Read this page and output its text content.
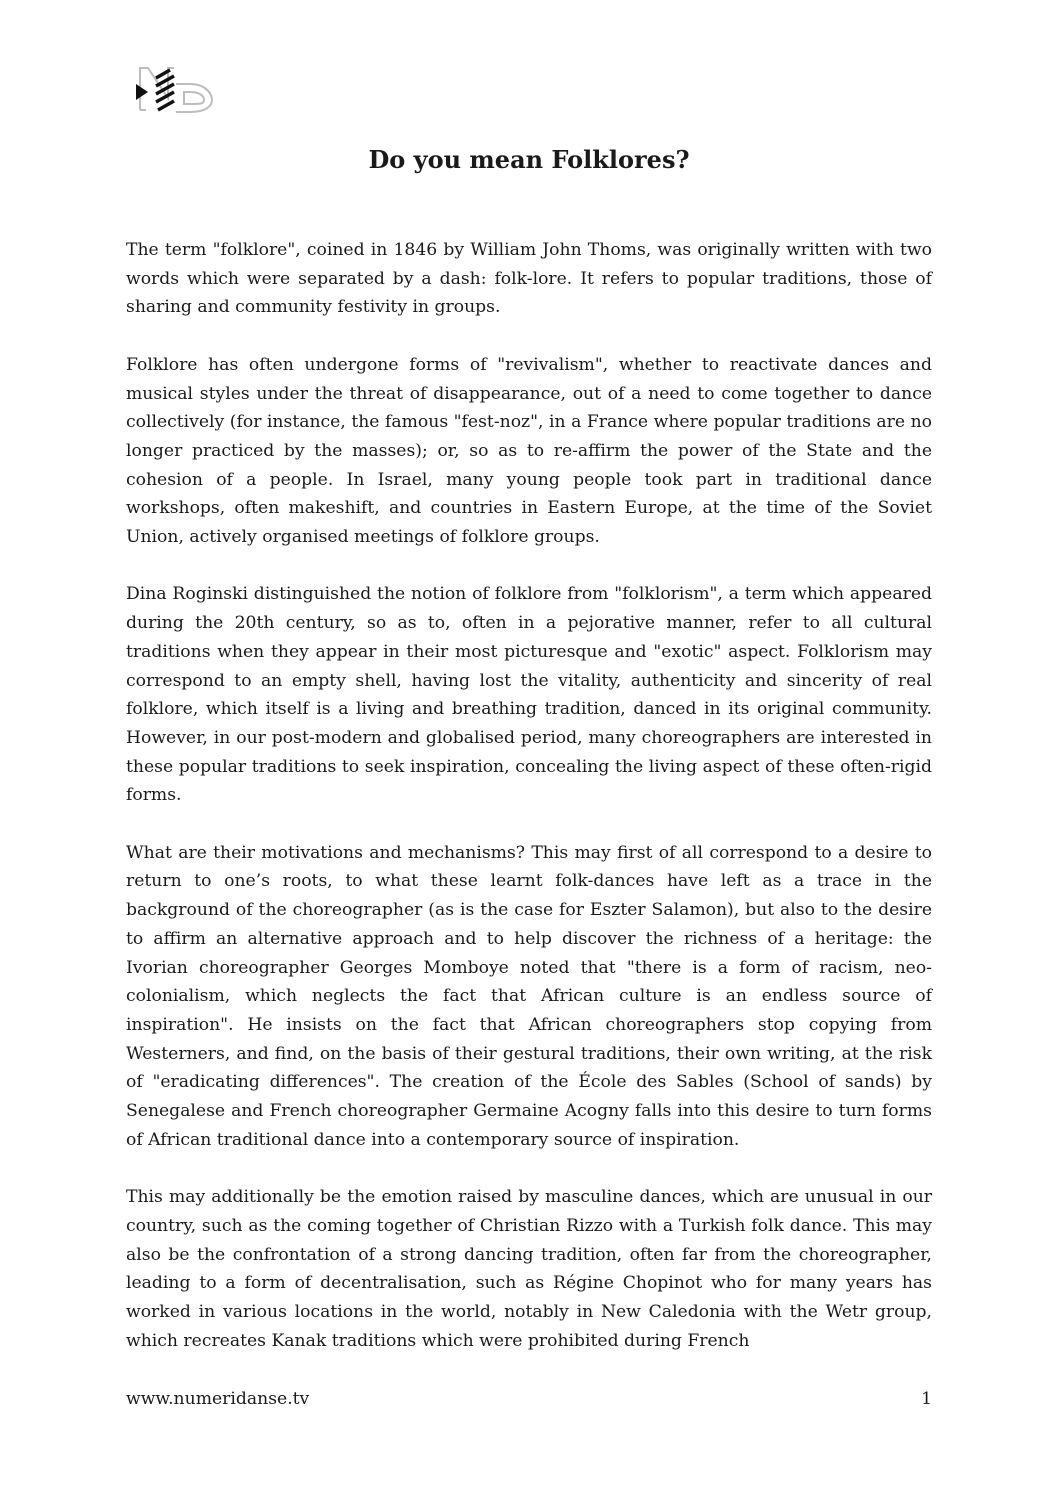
Do you mean Folklores?

The term "folklore", coined in 1846 by William John Thoms, was originally written with two words which were separated by a dash: folk-lore. It refers to popular traditions, those of sharing and community festivity in groups.

Folklore has often undergone forms of "revivalism", whether to reactivate dances and musical styles under the threat of disappearance, out of a need to come together to dance collectively (for instance, the famous "fest-noz", in a France where popular traditions are no longer practiced by the masses); or, so as to re-affirm the power of the State and the cohesion of a people. In Israel, many young people took part in traditional dance workshops, often makeshift, and countries in Eastern Europe, at the time of the Soviet Union, actively organised meetings of folklore groups.

Dina Roginski distinguished the notion of folklore from "folklorism", a term which appeared during the 20th century, so as to, often in a pejorative manner, refer to all cultural traditions when they appear in their most picturesque and "exotic" aspect. Folklorism may correspond to an empty shell, having lost the vitality, authenticity and sincerity of real folklore, which itself is a living and breathing tradition, danced in its original community. However, in our post-modern and globalised period, many choreographers are interested in these popular traditions to seek inspiration, concealing the living aspect of these often-rigid forms.

What are their motivations and mechanisms? This may first of all correspond to a desire to return to one’s roots, to what these learnt folk-dances have left as a trace in the background of the choreographer (as is the case for Eszter Salamon), but also to the desire to affirm an alternative approach and to help discover the richness of a heritage: the Ivorian choreographer Georges Momboye noted that "there is a form of racism, neo-colonialism, which neglects the fact that African culture is an endless source of inspiration". He insists on the fact that African choreographers stop copying from Westerners, and find, on the basis of their gestural traditions, their own writing, at the risk of "eradicating differences". The creation of the École des Sables (School of sands) by Senegalese and French choreographer Germaine Acogny falls into this desire to turn forms of African traditional dance into a contemporary source of inspiration.

This may additionally be the emotion raised by masculine dances, which are unusual in our country, such as the coming together of Christian Rizzo with a Turkish folk dance. This may also be the confrontation of a strong dancing tradition, often far from the choreographer, leading to a form of decentralisation, such as Régine Chopinot who for many years has worked in various locations in the world, notably in New Caledonia with the Wetr group, which recreates Kanak traditions which were prohibited during French

www.numeridanse.tv	1
